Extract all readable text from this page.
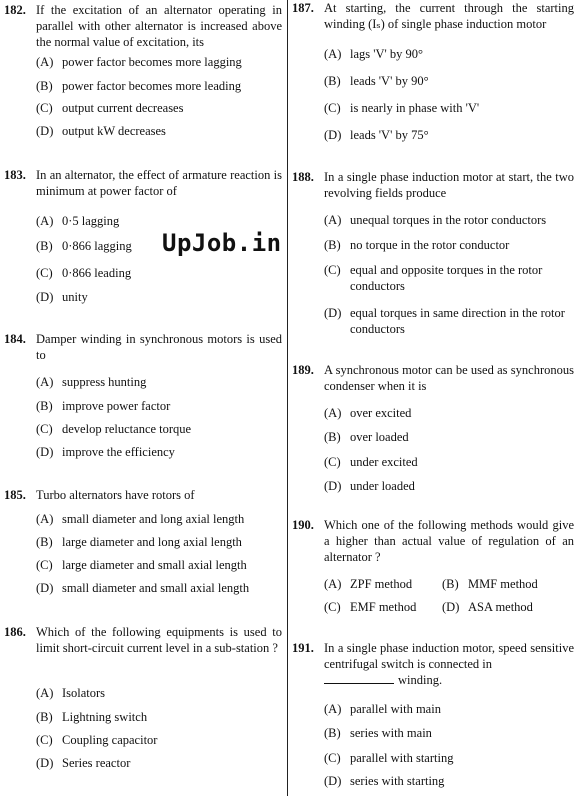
UpJob.in
182. If the excitation of an alternator operating in parallel with other alternator is increased above the normal value of excitation, its
(A) power factor becomes more lagging
(B) power factor becomes more leading
(C) output current decreases
(D) output kW decreases
183. In an alternator, the effect of armature reaction is minimum at power factor of
(A) 0·5 lagging
(B) 0·866 lagging
(C) 0·866 leading
(D) unity
184. Damper winding in synchronous motors is used to
(A) suppress hunting
(B) improve power factor
(C) develop reluctance torque
(D) improve the efficiency
185. Turbo alternators have rotors of
(A) small diameter and long axial length
(B) large diameter and long axial length
(C) large diameter and small axial length
(D) small diameter and small axial length
186. Which of the following equipments is used to limit short-circuit current level in a sub-station ?
(A) Isolators
(B) Lightning switch
(C) Coupling capacitor
(D) Series reactor
187. At starting, the current through the starting winding (Iₛ) of single phase induction motor
(A) lags 'V' by 90°
(B) leads 'V' by 90°
(C) is nearly in phase with 'V'
(D) leads 'V' by 75°
188. In a single phase induction motor at start, the two revolving fields produce
(A) unequal torques in the rotor conductors
(B) no torque in the rotor conductor
(C) equal and opposite torques in the rotor conductors
(D) equal torques in same direction in the rotor conductors
189. A synchronous motor can be used as synchronous condenser when it is
(A) over excited
(B) over loaded
(C) under excited
(D) under loaded
190. Which one of the following methods would give a higher than actual value of regulation of an alternator ?
(A) ZPF method (B) MMF method
(C) EMF method (D) ASA method
191. In a single phase induction motor, speed sensitive centrifugal switch is connected in
winding.
(A) parallel with main
(B) series with main
(C) parallel with starting
(D) series with starting
